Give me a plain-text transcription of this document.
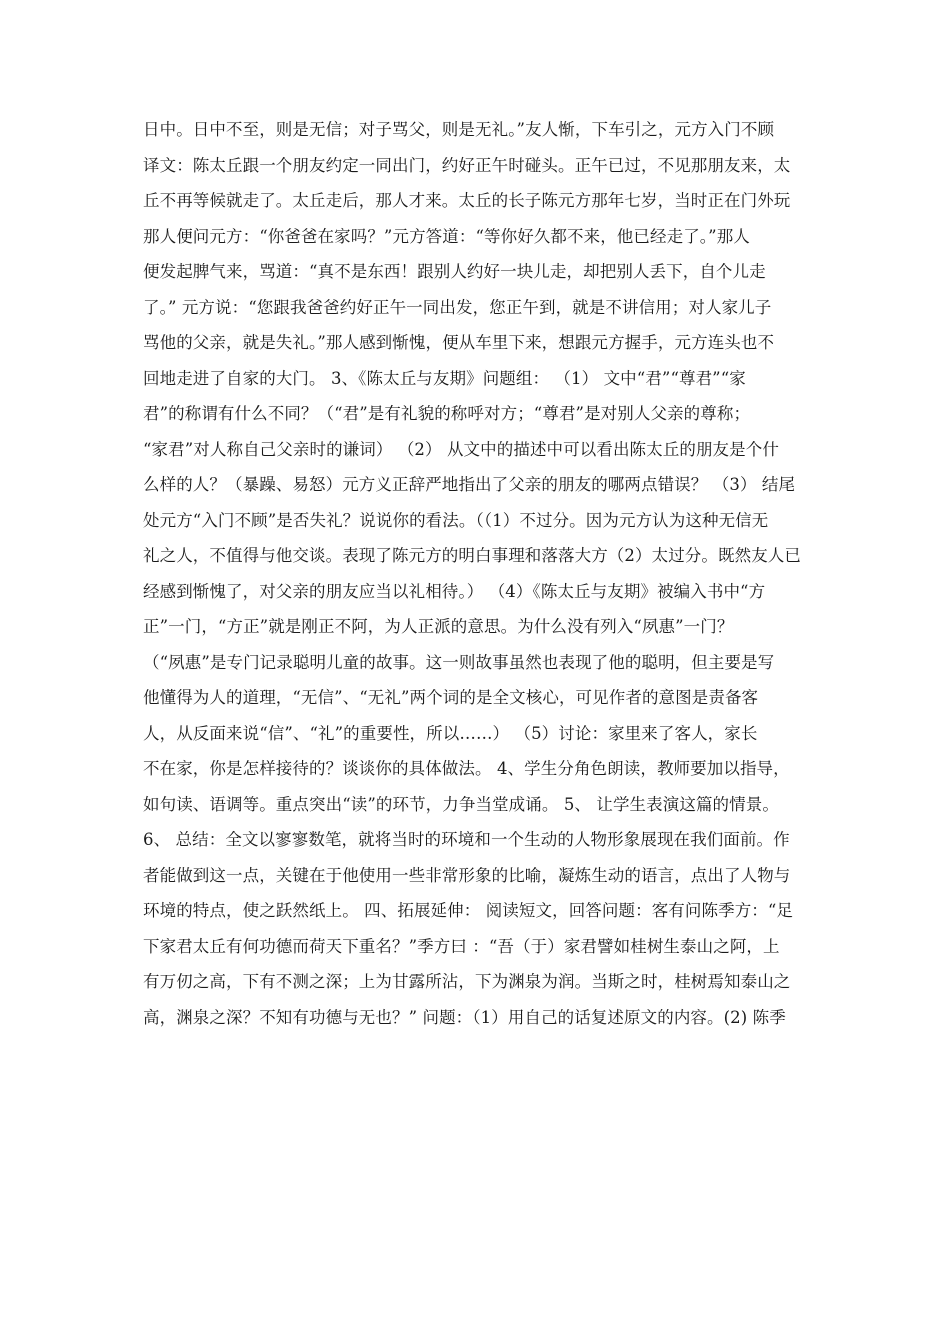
日中。日中不至，则是无信；对子骂父，则是无礼。”友人惭，下车引之，元方入门不顾
译文：陈太丘跟一个朋友约定一同出门，约好正午时碰头。正午已过，不见那朋友来，太
丘不再等候就走了。太丘走后，那人才来。太丘的长子陈元方那年七岁，当时正在门外玩
那人便问元方：“你爸爸在家吗？”元方答道：“等你好久都不来，他已经走了。”那人
便发起脾气来，骂道：“真不是东西！跟别人约好一块儿走，却把别人丢下，自个儿走
了。” 元方说：“您跟我爸爸约好正午一同出发，您正午到，就是不讲信用；对人家儿子
骂他的父亲，就是失礼。”那人感到惭愧，便从车里下来，想跟元方握手，元方连头也不
回地走进了自家的大门。 3、《陈太丘与友期》问题组： （1） 文中“君”“尊君”“家
君”的称谓有什么不同？（“君”是有礼貌的称呼对方；“尊君”是对别人父亲的尊称；
“家君”对人称自己父亲时的谦词） （2） 从文中的描述中可以看出陈太丘的朋友是个什
么样的人？（暴躁、易怒）元方义正辞严地指出了父亲的朋友的哪两点错误？ （3） 结尾
处元方“入门不顾”是否失礼？说说你的看法。（（1）不过分。因为元方认为这种无信无
礼之人，不值得与他交谈。表现了陈元方的明白事理和落落大方（2）太过分。既然友人已
经感到惭愧了，对父亲的朋友应当以礼相待。） （4）《陈太丘与友期》被编入书中“方
正”一门，“方正”就是刚正不阿，为人正派的意思。为什么没有列入“夙惠”一门？
（“夙惠”是专门记录聪明儿童的故事。这一则故事虽然也表现了他的聪明，但主要是写
他懂得为人的道理，“无信”、“无礼”两个词的是全文核心，可见作者的意图是责备客
人，从反面来说“信”、“礼”的重要性，所以……） （5）讨论：家里来了客人，家长
不在家，你是怎样接待的？谈谈你的具体做法。 4、学生分角色朗读，教师要加以指导，
如句读、语调等。重点突出“读”的环节，力争当堂成诵。 5、 让学生表演这篇的情景。
6、 总结：全文以寥寥数笔，就将当时的环境和一个生动的人物形象展现在我们面前。作
者能做到这一点，关键在于他使用一些非常形象的比喻，凝炼生动的语言，点出了人物与
环境的特点，使之跃然纸上。 四、拓展延伸： 阅读短文，回答问题：客有问陈季方：“足
下家君太丘有何功德而荷天下重名？”季方曰 ：“吾（于）家君譬如桂树生泰山之阿，上
有万仞之高，下有不测之深；上为甘露所沾，下为渊泉为润。当斯之时，桂树焉知泰山之
高，渊泉之深？不知有功德与无也？” 问题：（1）用自己的话复述原文的内容。(2) 陈季
